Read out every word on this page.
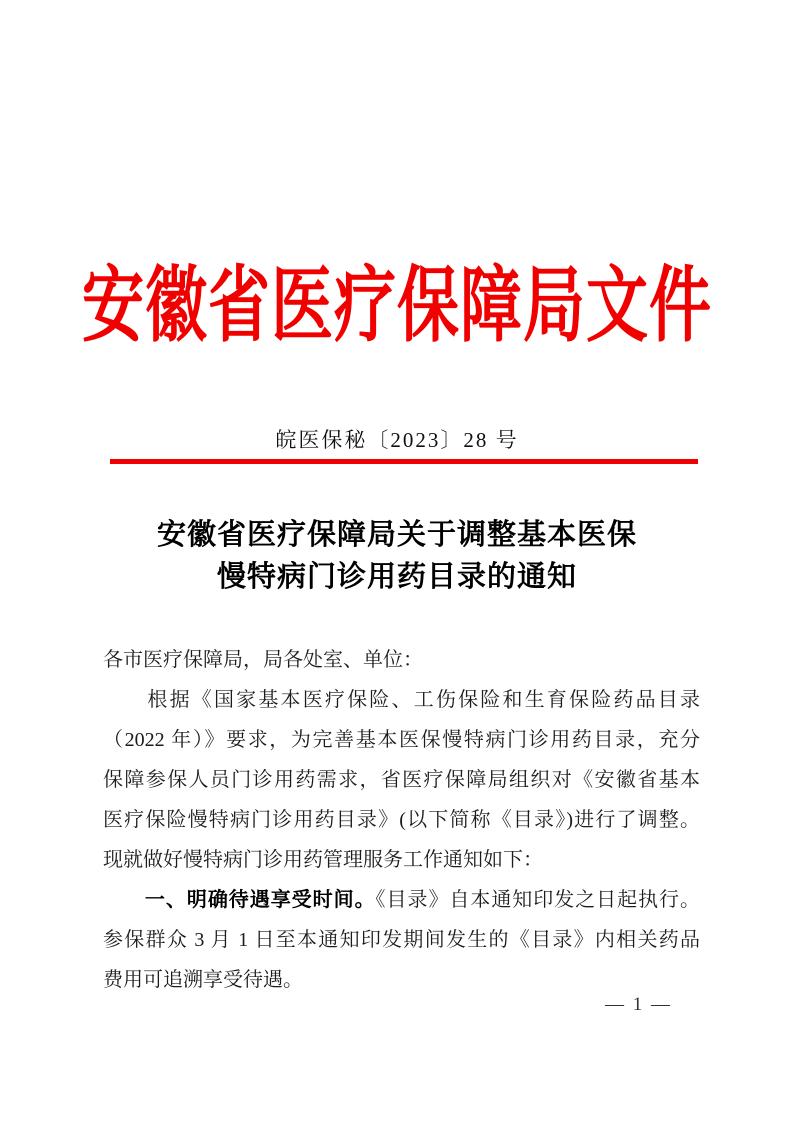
安徽省医疗保障局文件
皖医保秘〔2023〕28 号
安徽省医疗保障局关于调整基本医保
慢特病门诊用药目录的通知
各市医疗保障局，局各处室、单位：
　　根据《国家基本医疗保险、工伤保险和生育保险药品目录
（2022 年）》要求，为完善基本医保慢特病门诊用药目录，充分
保障参保人员门诊用药需求，省医疗保障局组织对《安徽省基本
医疗保险慢特病门诊用药目录》(以下简称《目录》)进行了调整。
现就做好慢特病门诊用药管理服务工作通知如下：
　　一、明确待遇享受时间。《目录》自本通知印发之日起执行。
参保群众 3 月 1 日至本通知印发期间发生的《目录》内相关药品
费用可追溯享受待遇。
— 1 —
